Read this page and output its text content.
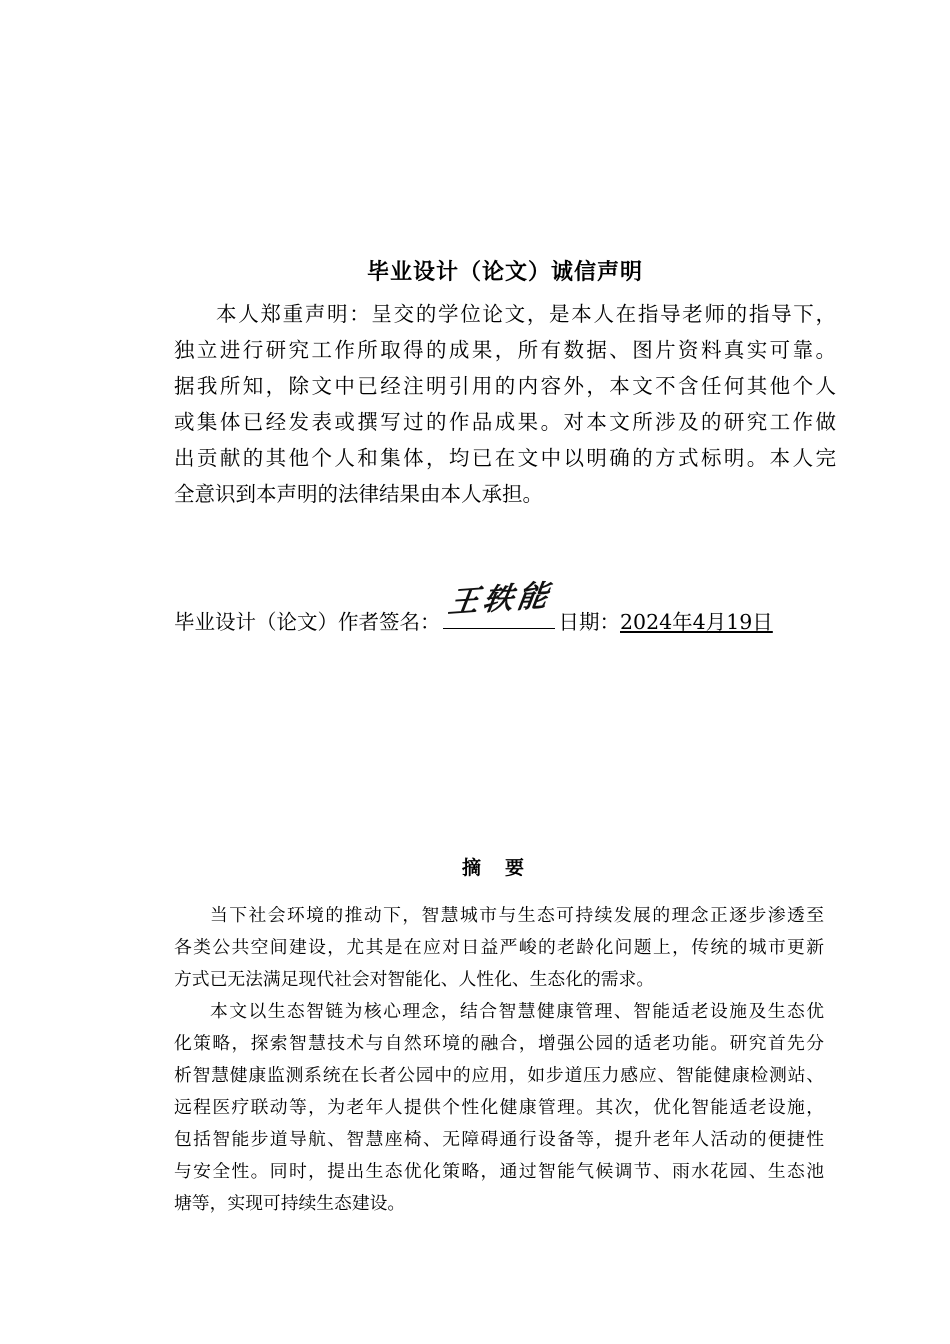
毕业设计（论文）诚信声明
本人郑重声明：呈交的学位论文，是本人在指导老师的指导下，
独立进行研究工作所取得的成果，所有数据、图片资料真实可靠。
据我所知，除文中已经注明引用的内容外，本文不含任何其他个人
或集体已经发表或撰写过的作品成果。对本文所涉及的研究工作做
出贡献的其他个人和集体，均已在文中以明确的方式标明。本人完
全意识到本声明的法律结果由本人承担。
毕业设计（论文）作者签名：
王轶能
日期： 2024年4月19日
摘要
当下社会环境的推动下，智慧城市与生态可持续发展的理念正逐步渗透至
各类公共空间建设，尤其是在应对日益严峻的老龄化问题上，传统的城市更新
方式已无法满足现代社会对智能化、人性化、生态化的需求。
本文以生态智链为核心理念，结合智慧健康管理、智能适老设施及生态优
化策略，探索智慧技术与自然环境的融合，增强公园的适老功能。研究首先分
析智慧健康监测系统在长者公园中的应用，如步道压力感应、智能健康检测站、
远程医疗联动等，为老年人提供个性化健康管理。其次，优化智能适老设施，
包括智能步道导航、智慧座椅、无障碍通行设备等，提升老年人活动的便捷性
与安全性。同时，提出生态优化策略，通过智能气候调节、雨水花园、生态池
塘等，实现可持续生态建设。
